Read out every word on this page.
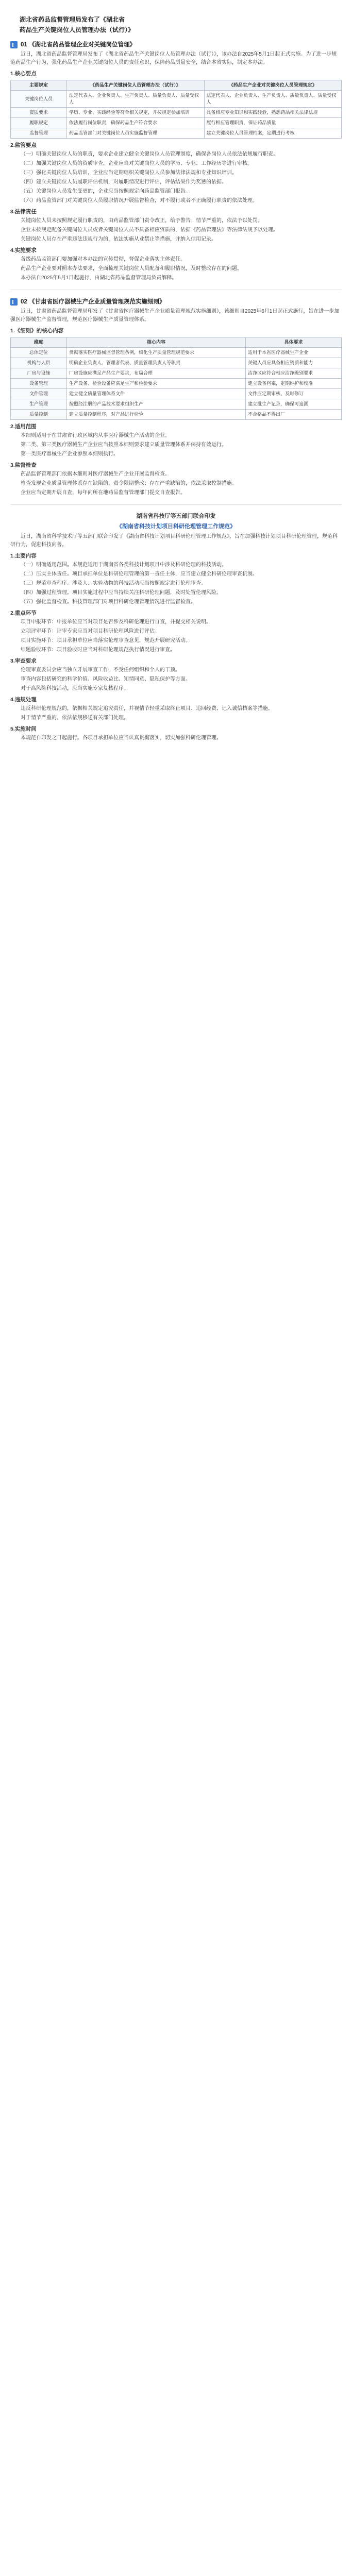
湖北省药品监督管理局发布了《湖北省
药品生产关键岗位人员管理办法（试行）》
01 《湖北省药品管理企业对关键岗位管理》
近日，湖北省药品监督管理局发布了《湖北省药品生产关键岗位人员管理办法（试行）》，该办法自2025年5月1日起正式实施。为了进一步规范药品生产行为，强化药品生产企业关键岗位人员的责任意识，保障药品质量安全，结合本省实际，制定本办法。
1.核心要点
主要规定	《药品生产关键岗位人员管理办法（试行）》	《药品生产企业对关键岗位人员管理规定》
关键岗位人员	法定代表人、企业负责人、生产负责人、质量负责人、质量受权人	法定代表人、企业负责人、生产负责人、质量负责人、质量受权人
资质要求	学历、专业、实践经验等符合相关规定，并按规定参加培训	具备相应专业知识和实践经验，熟悉药品相关法律法规
履职规定	依法履行岗位职责，确保药品生产符合要求	履行相应管理职责，保证药品质量
监督管理	药品监管部门对关键岗位人员实施监督管理	建立关键岗位人员管理档案，定期进行考核
2.监管要点
（一）明确关键岗位人员的职责，要求企业建立健全关键岗位人员管理制度，确保各岗位人员依法依规履行职责。
（二）加强关键岗位人员的资质审查，企业应当对关键岗位人员的学历、专业、工作经历等进行审核。
（三）强化关键岗位人员培训，企业应当定期组织关键岗位人员参加法律法规和专业知识培训。
（四）建立关键岗位人员履职评估机制，对履职情况进行评估，评估结果作为奖惩的依据。
（五）关键岗位人员发生变更的，企业应当按照规定向药品监管部门报告。
（六）药品监管部门对关键岗位人员履职情况开展监督检查，对不履行或者不正确履行职责的依法处理。
3.法律责任
关键岗位人员未按照规定履行职责的，由药品监管部门责令改正，给予警告；情节严重的，依法予以处罚。
企业未按规定配备关键岗位人员或者关键岗位人员不具备相应资质的，依据《药品管理法》等法律法规予以处理。
关键岗位人员存在严重违法违规行为的，依法实施从业禁止等措施，并纳入信用记录。
4.实施要求
各级药品监管部门要加强对本办法的宣传贯彻，督促企业落实主体责任。
药品生产企业要对照本办法要求，全面梳理关键岗位人员配备和履职情况，及时整改存在的问题。
本办法自2025年5月1日起施行，由湖北省药品监督管理局负责解释。
02 《甘肃省医疗器械生产企业质量管理规范实施细则》
近日，甘肃省药品监督管理局印发了《甘肃省医疗器械生产企业质量管理规范实施细则》，该细则自2025年6月1日起正式施行，旨在进一步加强医疗器械生产监督管理，规范医疗器械生产质量管理体系。
1.《细则》的核心内容
维度	核心内容	具体要求
总体定位	贯彻落实医疗器械监督管理条例，细化生产质量管理规范要求	适用于本省医疗器械生产企业
机构与人员	明确企业负责人、管理者代表、质量管理负责人等职责	关键人员应具备相应资质和能力
厂房与设施	厂房设施应满足产品生产要求，布局合理	洁净区应符合相应洁净级别要求
设备管理	生产设备、检验设备应满足生产和检验要求	建立设备档案，定期维护和校准
文件管理	建立健全质量管理体系文件	文件应定期审核、及时修订
生产管理	按照经注册的产品技术要求组织生产	建立批生产记录，确保可追溯
质量控制	建立质量控制程序，对产品进行检验	不合格品不得出厂
2.适用范围
本细则适用于在甘肃省行政区域内从事医疗器械生产活动的企业。
第二类、第三类医疗器械生产企业应当按照本细则要求建立质量管理体系并保持有效运行。
第一类医疗器械生产企业参照本细则执行。
3.监督检查
药品监督管理部门依据本细则对医疗器械生产企业开展监督检查。
检查发现企业质量管理体系存在缺陷的，责令限期整改；存在严重缺陷的，依法采取控制措施。
企业应当定期开展自查，每年向所在地药品监督管理部门提交自查报告。
湖南省科技厅等五部门联合印发
《湖南省科技计划项目科研伦理管理工作规范》
近日，湖南省科学技术厅等五部门联合印发了《湖南省科技计划项目科研伦理管理工作规范》，旨在加强科技计划项目科研伦理管理，规范科研行为，促进科技向善。
1.主要内容
（一）明确适用范围。本规范适用于湖南省各类科技计划项目中涉及科研伦理的科技活动。
（二）压实主体责任。项目承担单位是科研伦理管理的第一责任主体，应当建立健全科研伦理审查机制。
（三）规范审查程序。涉及人、实验动物的科技活动应当按照规定进行伦理审查。
（四）加强过程管理。项目实施过程中应当持续关注科研伦理问题，及时处置伦理风险。
（五）强化监督检查。科技管理部门对项目科研伦理管理情况进行监督检查。
2.重点环节
项目申报环节：申报单位应当对项目是否涉及科研伦理进行自查，并提交相关说明。
立项评审环节：评审专家应当对项目科研伦理风险进行评估。
项目实施环节：项目承担单位应当落实伦理审查意见，规范开展研究活动。
结题验收环节：项目验收时应当对科研伦理规范执行情况进行审查。
3.审查要求
伦理审查委员会应当独立开展审查工作，不受任何组织和个人的干预。
审查内容包括研究的科学价值、风险收益比、知情同意、隐私保护等方面。
对于高风险科技活动，应当实施专家复核程序。
4.违规处理
违反科研伦理规范的，依据相关规定追究责任，并视情节轻重采取终止项目、追回经费、记入诚信档案等措施。
对于情节严重的，依法依规移送有关部门处理。
5.实施时间
本规范自印发之日起施行。各项目承担单位应当认真贯彻落实，切实加强科研伦理管理。
